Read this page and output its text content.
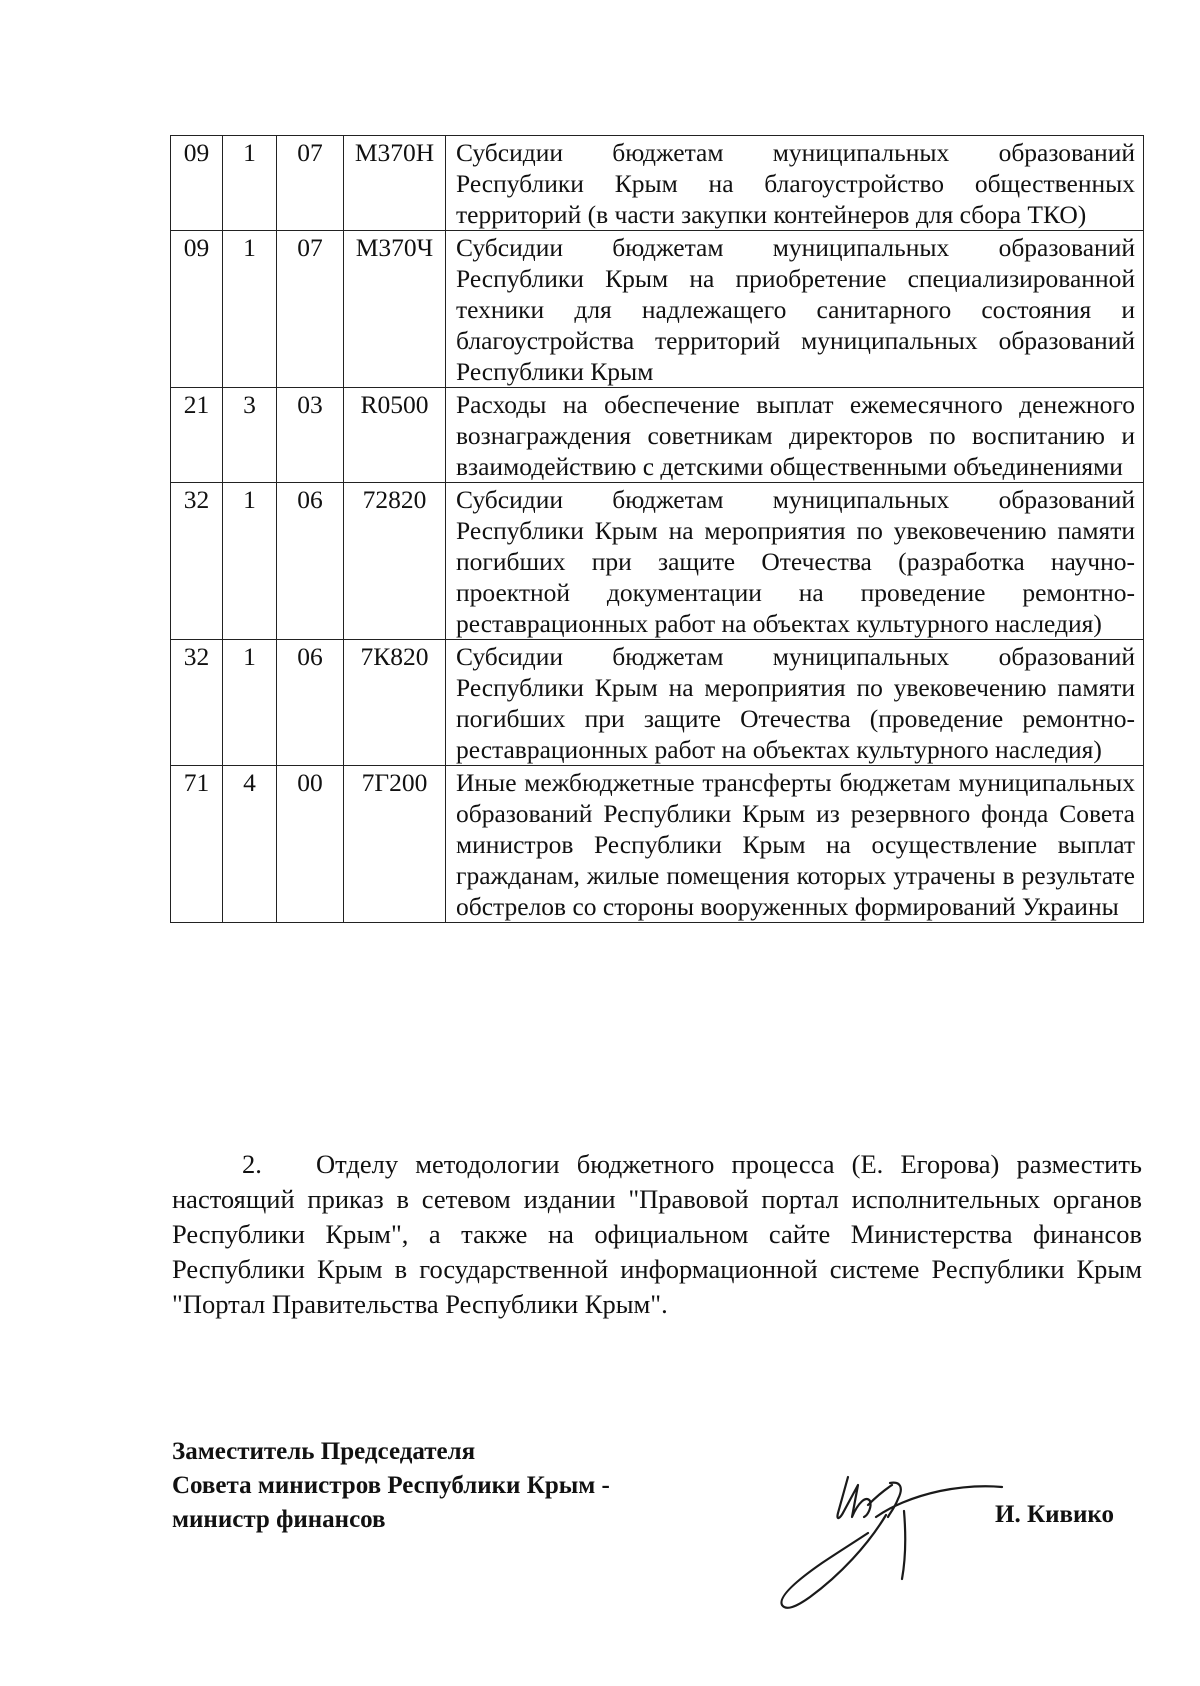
09	1	07	М370Н	Субсидии бюджетам муниципальных образований Республики Крым на благоустройство общественных территорий (в части закупки контейнеров для сбора ТКО)
09	1	07	М370Ч	Субсидии бюджетам муниципальных образований Республики Крым на приобретение специализированной техники для надлежащего санитарного состояния и благоустройства территорий муниципальных образований Республики Крым
21	3	03	R0500	Расходы на обеспечение выплат ежемесячного денежного вознаграждения советникам директоров по воспитанию и взаимодействию с детскими общественными объединениями
32	1	06	72820	Субсидии бюджетам муниципальных образований Республики Крым на мероприятия по увековечению памяти погибших при защите Отечества (разработка научно-проектной документации на проведение ремонтно-реставрационных работ на объектах культурного наследия)
32	1	06	7К820	Субсидии бюджетам муниципальных образований Республики Крым на мероприятия по увековечению памяти погибших при защите Отечества (проведение ремонтно-реставрационных работ на объектах культурного наследия)
71	4	00	7Г200	Иные межбюджетные трансферты бюджетам муниципальных образований Республики Крым из резервного фонда Совета министров Республики Крым на осуществление выплат гражданам, жилые помещения которых утрачены в результате обстрелов со стороны вооруженных формирований Украины

2. Отделу методологии бюджетного процесса (Е. Егорова) разместить настоящий приказ в сетевом издании "Правовой портал исполнительных органов Республики Крым", а также на официальном сайте Министерства финансов Республики Крым в государственной информационной системе Республики Крым "Портал Правительства Республики Крым".

Заместитель Председателя
Совета министров Республики Крым -
министр финансов	И. Кивико
